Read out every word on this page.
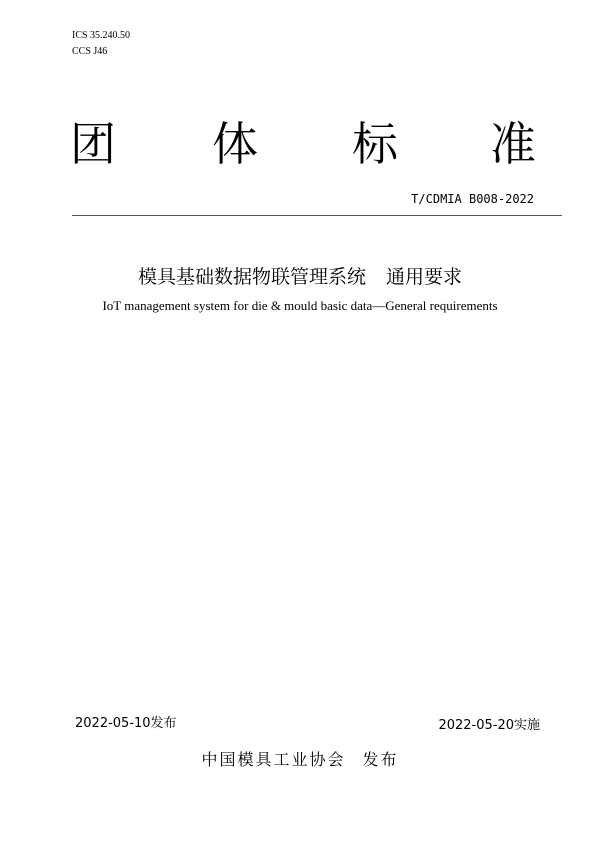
ICS 35.240.50
CCS J46
团 体 标 准
T/CDMIA B008-2022
模具基础数据物联管理系统 通用要求
IoT management system for die & mould basic data—General requirements
2022-05-10发布	2022-05-20实施
中国模具工业协会 发布
